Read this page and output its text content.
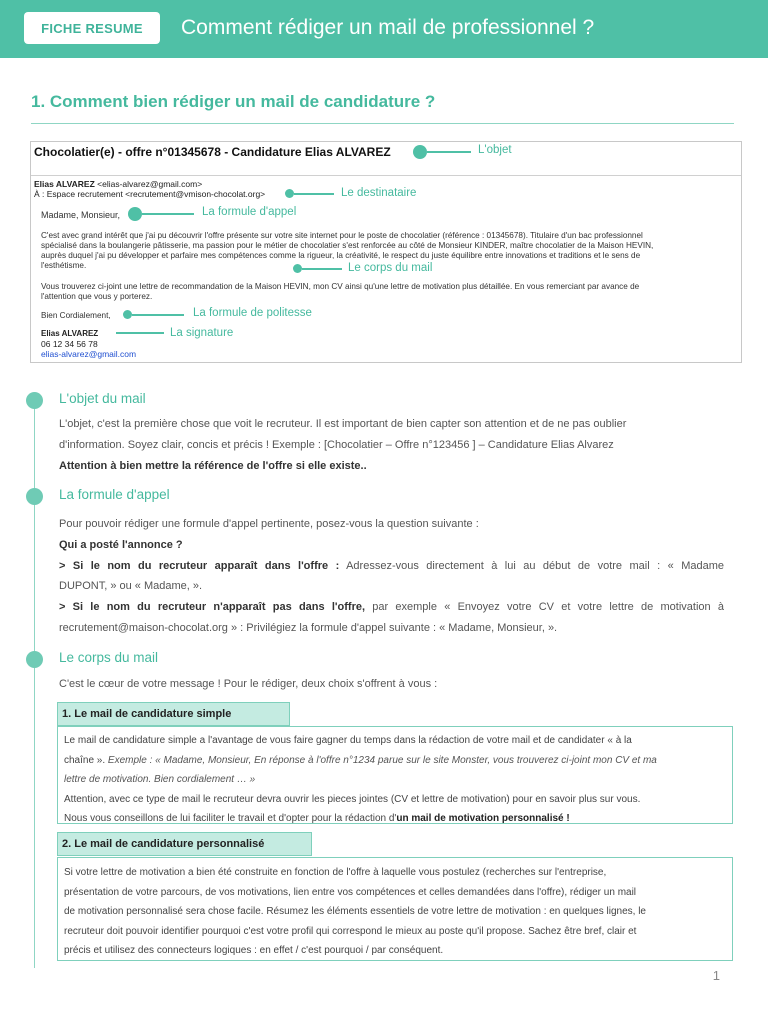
FICHE RESUME	Comment rédiger un mail de professionnel ?
1. Comment bien rédiger un mail de candidature ?
Chocolatier(e) - offre n°01345678 - Candidature Elias ALVAREZ
Elias ALVAREZ <elias-alvarez@gmail.com>
À : Espace recrutement <recrutement@vmison-chocolat.org>
Madame, Monsieur,
C'est avec grand intérêt que j'ai pu découvrir l'offre présente sur votre site internet pour le poste de chocolatier (référence : 01345678). Titulaire d'un bac professionnel
spécialisé dans la boulangerie pâtisserie, ma passion pour le métier de chocolatier s'est renforcée au côté de Monsieur KINDER, maître chocolatier de la Maison HEVIN,
auprès duquel j'ai pu développer et parfaire mes compétences comme la rigueur, la créativité, le respect du juste équilibre entre innovations et traditions et le sens de
l'esthétisme.
Vous trouverez ci-joint une lettre de recommandation de la Maison HEVIN, mon CV ainsi qu'une lettre de motivation plus détaillée. En vous remerciant par avance de
l'attention que vous y porterez.
Bien Cordialement,
Elias ALVAREZ
06 12 34 56 78
elias-alvarez@gmail.com
L'objet
Le destinataire
La formule d'appel
Le corps du mail
La formule de politesse
La signature
L'objet du mail
L'objet, c'est la première chose que voit le recruteur. Il est important de bien capter son attention et de ne pas oublier
d'information. Soyez clair, concis et précis ! Exemple : [Chocolatier – Offre n°123456 ] – Candidature Elias Alvarez
Attention à bien mettre la référence de l'offre si elle existe..
La formule d'appel
Pour pouvoir rédiger une formule d'appel pertinente, posez-vous la question suivante :
Qui a posté l'annonce ?
> Si le nom du recruteur apparaît dans l'offre : Adressez-vous directement à lui au début de votre mail : « Madame
DUPONT, » ou « Madame, ».
> Si le nom du recruteur n'apparaît pas dans l'offre, par exemple « Envoyez votre CV et votre lettre de motivation à
recrutement@maison-chocolat.org » : Privilégiez la formule d'appel suivante : « Madame, Monsieur, ».
Le corps du mail
C'est le cœur de votre message ! Pour le rédiger, deux choix s'offrent à vous :
1. Le mail de candidature simple
Le mail de candidature simple a l'avantage de vous faire gagner du temps dans la rédaction de votre mail et de candidater « à la
chaîne ». Exemple : « Madame, Monsieur, En réponse à l'offre n°1234 parue sur le site Monster, vous trouverez ci-joint mon CV et ma
lettre de motivation. Bien cordialement … »
Attention, avec ce type de mail le recruteur devra ouvrir les pieces jointes (CV et lettre de motivation) pour en savoir plus sur vous.
Nous vous conseillons de lui faciliter le travail et d'opter pour la rédaction d'un mail de motivation personnalisé !
2. Le mail de candidature personnalisé
Si votre lettre de motivation a bien été construite en fonction de l'offre à laquelle vous postulez (recherches sur l'entreprise,
présentation de votre parcours, de vos motivations, lien entre vos compétences et celles demandées dans l'offre), rédiger un mail
de motivation personnalisé sera chose facile. Résumez les éléments essentiels de votre lettre de motivation : en quelques lignes, le
recruteur doit pouvoir identifier pourquoi c'est votre profil qui correspond le mieux au poste qu'il propose. Sachez être bref, clair et
précis et utilisez des connecteurs logiques : en effet / c'est pourquoi / par conséquent.
1
